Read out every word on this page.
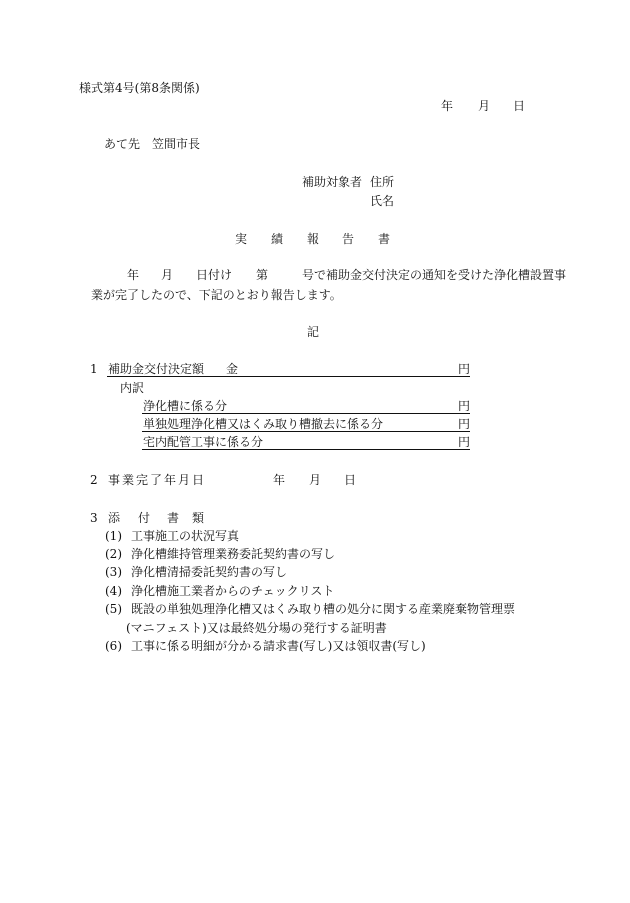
様式第4号(第8条関係)
年 月 日
あて先　笠間市長
補助対象者 住所
氏名
実 績 報 告 書
年 月 日付け 第	号で補助金交付決定の通知を受けた浄化槽設置事
業が完了したので、下記のとおり報告します。
記
1 補助金交付決定額 金	円
内訳
浄化槽に係る分	円
単独処理浄化槽又はくみ取り槽撤去に係る分	円
宅内配管工事に係る分	円
2 事業完了年月日	年 月 日
3 添 付 書 類
(1) 工事施工の状況写真
(2) 浄化槽維持管理業務委託契約書の写し
(3) 浄化槽清掃委託契約書の写し
(4) 浄化槽施工業者からのチェックリスト
(5) 既設の単独処理浄化槽又はくみ取り槽の処分に関する産業廃棄物管理票
(マニフェスト)又は最終処分場の発行する証明書
(6) 工事に係る明細が分かる請求書(写し)又は領収書(写し)
